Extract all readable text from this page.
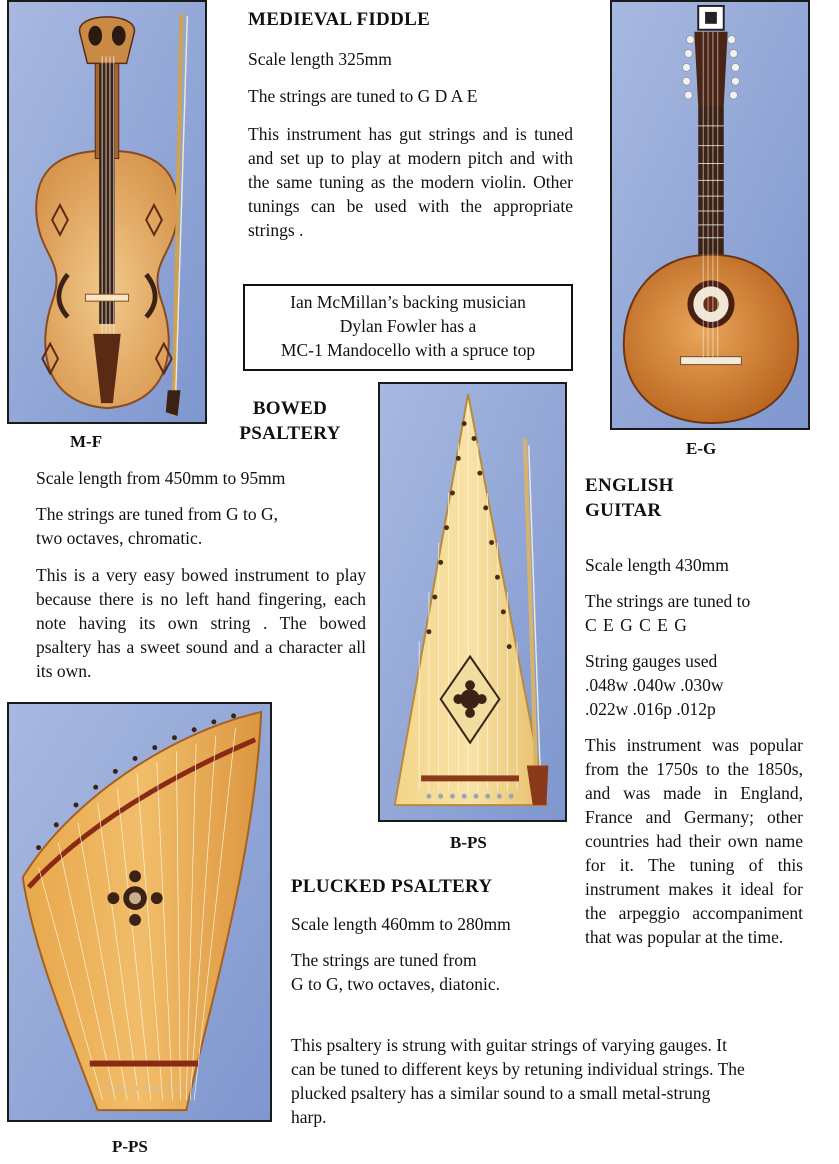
MEDIEVAL FIDDLE

Scale length 325mm

The strings are tuned to G D A E

This instrument has gut strings and is tuned and set up to play at modern pitch and with the same tuning as the modern violin. Other tunings can be used with the appropriate strings .

Ian McMillan’s backing musician
Dylan Fowler has a
MC-1 Mandocello with a spruce top
M-F	E-G
B-PS
P-PS
BOWED
PSALTERY

Scale length from 450mm to 95mm

The strings are tuned from G to G,
two octaves, chromatic.

This is a very easy bowed instrument to play because there is no left hand fingering, each note having its own string . The bowed psaltery has a sweet sound and a character all its own.

ENGLISH
GUITAR

Scale length 430mm

The strings are tuned to
C E G C E G
String gauges used
.048w .040w .030w
.022w .016p .012p

This instrument was popular from the 1750s to the 1850s, and was made in England, France and Germany; other countries had their own name for it. The tuning of this instrument makes it ideal for the arpeggio accompaniment that was popular at the time.

PLUCKED PSALTERY

Scale length 460mm to 280mm

The strings are tuned from
G to G, two octaves, diatonic.

This psaltery is strung with guitar strings of varying gauges. It can be tuned to different keys by retuning individual strings. The plucked psaltery has a similar sound to a small metal-strung harp.
